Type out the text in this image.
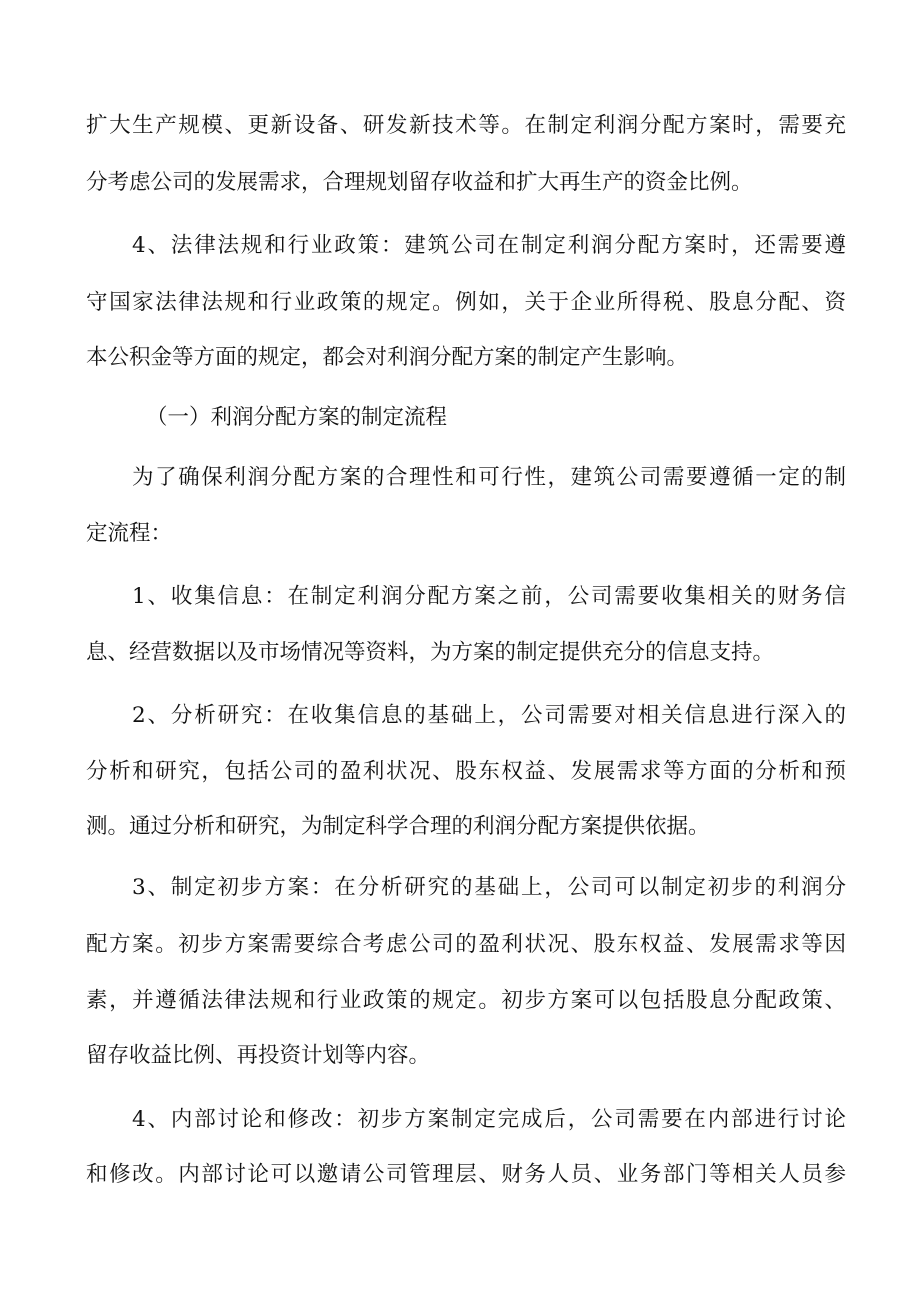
扩大生产规模、更新设备、研发新技术等。在制定利润分配方案时，需要充
分考虑公司的发展需求，合理规划留存收益和扩大再生产的资金比例。
4、法律法规和行业政策：建筑公司在制定利润分配方案时，还需要遵
守国家法律法规和行业政策的规定。例如，关于企业所得税、股息分配、资
本公积金等方面的规定，都会对利润分配方案的制定产生影响。
（一）利润分配方案的制定流程
为了确保利润分配方案的合理性和可行性，建筑公司需要遵循一定的制
定流程：
1、收集信息：在制定利润分配方案之前，公司需要收集相关的财务信
息、经营数据以及市场情况等资料，为方案的制定提供充分的信息支持。
2、分析研究：在收集信息的基础上，公司需要对相关信息进行深入的
分析和研究，包括公司的盈利状况、股东权益、发展需求等方面的分析和预
测。通过分析和研究，为制定科学合理的利润分配方案提供依据。
3、制定初步方案：在分析研究的基础上，公司可以制定初步的利润分
配方案。初步方案需要综合考虑公司的盈利状况、股东权益、发展需求等因
素，并遵循法律法规和行业政策的规定。初步方案可以包括股息分配政策、
留存收益比例、再投资计划等内容。
4、内部讨论和修改：初步方案制定完成后，公司需要在内部进行讨论
和修改。内部讨论可以邀请公司管理层、财务人员、业务部门等相关人员参
